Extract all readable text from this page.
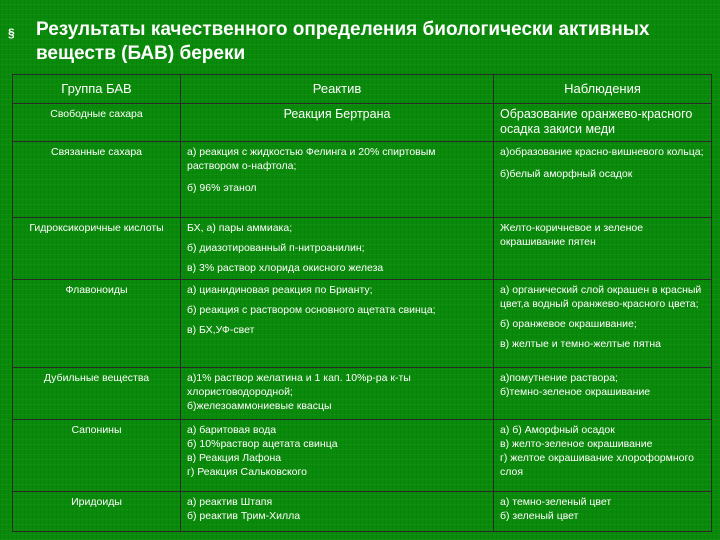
§ Результаты качественного определения биологически активных веществ (БАВ) береки
Группа БАВ	Реактив	Наблюдения
Свободные сахара	Реакция Бертрана	Образование оранжево-красного осадка закиси меди

Связанные сахара	а) реакция с жидкостью Фелинга и 20% спиртовым раствором о-нафтола;
б) 96% этанол	а)образование красно-вишневого кольца;
б)белый аморфный осадок

Гидроксикоричные кислоты	БХ, а) пары аммиака;
б) диазотированный п-нитроанилин;
в) 3% раствор хлорида окисного железа	Желто-коричневое и зеленое окрашивание пятен

Флавоноиды	а) цианидиновая реакция по Брианту;
б) реакция с раствором основного ацетата свинца;
в) БХ,УФ-свет	а) органический слой окрашен в красный цвет,а водный оранжево-красного цвета;
б) оранжевое окрашивание;
в) желтые и темно-желтые пятна

Дубильные вещества	а)1% раствор желатина и 1 кап. 10%р-ра к-ты хлористоводородной;
б)железоаммониевые квасцы	а)помутнение раствора;
б)темно-зеленое окрашивание

Сапонины	а) баритовая вода
б) 10%раствор ацетата свинца
в) Реакция Лафона
г) Реакция Сальковского	а) б) Аморфный осадок
в) желто-зеленое окрашивание
г) желтое окрашивание хлороформного слоя

Иридоиды	а) реактив Штапя
б) реактив Трим-Хилла	а) темно-зеленый цвет
б) зеленый цвет
